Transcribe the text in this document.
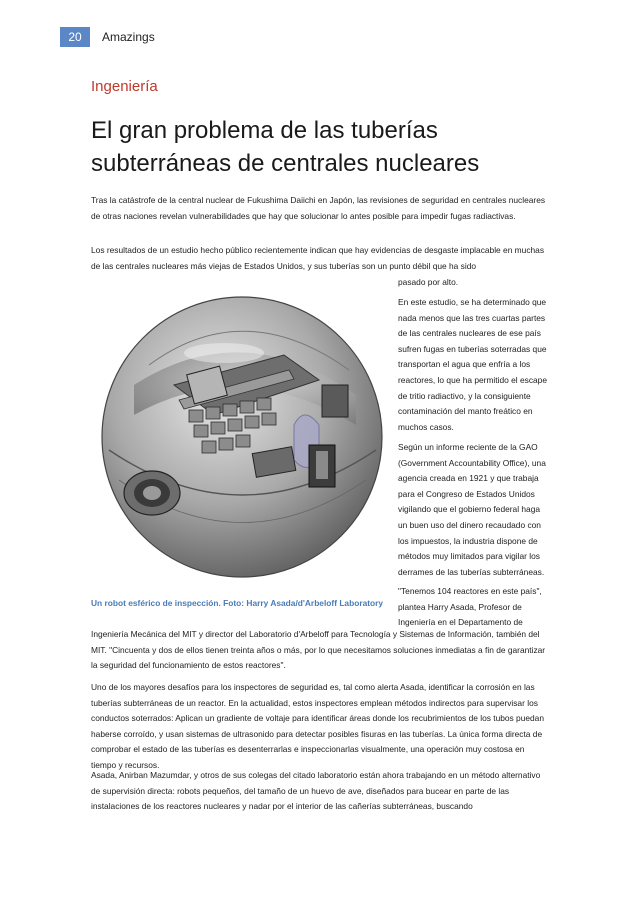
20	Amazings
Ingeniería
El gran problema de las tuberías subterráneas de centrales nucleares

Tras la catástrofe de la central nuclear de Fukushima Daiichi en Japón, las revisiones de seguridad en centrales nucleares de otras naciones revelan vulnerabilidades que hay que solucionar lo antes posible para impedir fugas radiactivas.

Los resultados de un estudio hecho público recientemente indican que hay evidencias de desgaste implacable en muchas de las centrales nucleares más viejas de Estados Unidos, y sus tuberías son un punto débil que ha sido

pasado por alto.

En este estudio, se ha determinado que nada menos que las tres cuartas partes de las centrales nucleares de ese país sufren fugas en tuberías soterradas que transportan el agua que enfría a los reactores, lo que ha permitido el escape de tritio radiactivo, y la consiguiente contaminación del manto freático en muchos casos.

Según un informe reciente de la GAO (Government Accountability Office), una agencia creada en 1921 y que trabaja para el Congreso de Estados Unidos vigilando que el gobierno federal haga un buen uso del dinero recaudado con los impuestos, la industria dispone de métodos muy limitados para vigilar los derrames de las tuberías subterráneas.

"Tenemos 104 reactores en este país", plantea Harry Asada, Profesor de Ingeniería en el Departamento de

Un robot esférico de inspección. Foto: Harry Asada/d'Arbeloff Laboratory

Ingeniería Mecánica del MIT y director del Laboratorio d'Arbeloff para Tecnología y Sistemas de Información, también del MIT. "Cincuenta y dos de ellos tienen treinta años o más, por lo que necesitamos soluciones inmediatas a fin de garantizar la seguridad del funcionamiento de estos reactores".

Uno de los mayores desafíos para los inspectores de seguridad es, tal como alerta Asada, identificar la corrosión en las tuberías subterráneas de un reactor. En la actualidad, estos inspectores emplean métodos indirectos para supervisar los conductos soterrados: Aplican un gradiente de voltaje para identificar áreas donde los recubrimientos de los tubos puedan haberse corroído, y usan sistemas de ultrasonido para detectar posibles fisuras en las tuberías. La única forma directa de comprobar el estado de las tuberías es desenterrarlas e inspeccionarlas visualmente, una operación muy costosa en tiempo y recursos.

Asada, Anirban Mazumdar, y otros de sus colegas del citado laboratorio están ahora trabajando en un método alternativo de supervisión directa: robots pequeños, del tamaño de un huevo de ave, diseñados para bucear en parte de las instalaciones de los reactores nucleares y nadar por el interior de las cañerías subterráneas, buscando
